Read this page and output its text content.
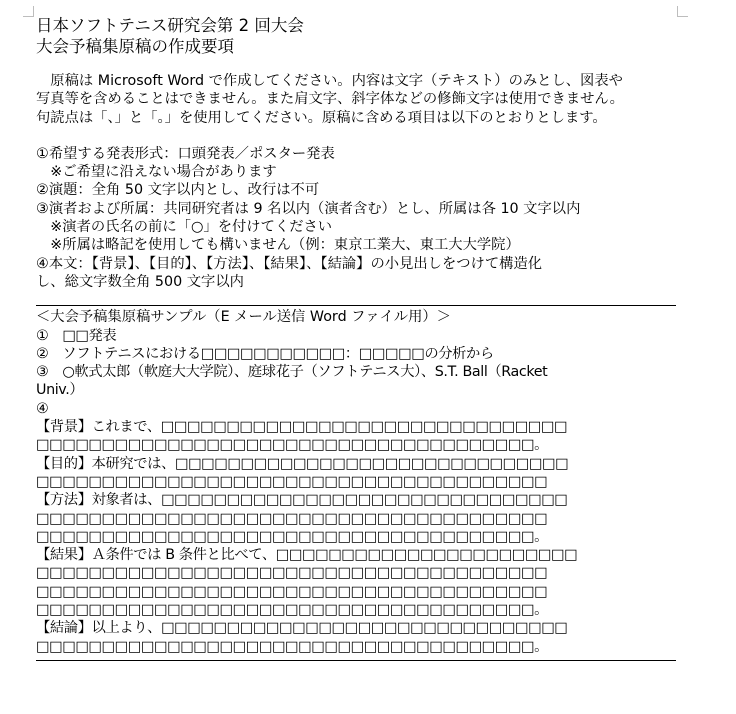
日本ソフトテニス研究会第 2 回大会
大会予稿集原稿の作成要項
　原稿は Microsoft Word で作成してください。内容は文字（テキスト）のみとし、図表や
写真等を含めることはできません。また肩文字、斜字体などの修飾文字は使用できません。
句読点は「、」と「。」を使用してください。原稿に含める項目は以下のとおりとします。
①希望する発表形式：口頭発表／ポスター発表
　※ご希望に沿えない場合があります
②演題：全角 50 文字以内とし、改行は不可
③演者および所属：共同研究者は 9 名以内（演者含む）とし、所属は各 10 文字以内
　※演者の氏名の前に「○」を付けてください
　※所属は略記を使用しても構いません（例：東京工業大、東工大大学院）
④本文：【背景】、【目的】、【方法】、【結果】、【結論】の小見出しをつけて構造化
し、総文字数全角 500 文字以内
＜大会予稿集原稿サンプル（E メール送信 Word ファイル用）＞
①　□□発表
②　ソフトテニスにおける□□□□□□□□□□□：□□□□□の分析から
③　○軟式太郎（軟庭大大学院）、庭球花子（ソフトテニス大）、S.T. Ball（Racket
Univ.）
④
【背景】これまで、□□□□□□□□□□□□□□□□□□□□□□□□□□□□□□□
□□□□□□□□□□□□□□□□□□□□□□□□□□□□□□□□□□□□□□。
【目的】本研究では、□□□□□□□□□□□□□□□□□□□□□□□□□□□□□□
□□□□□□□□□□□□□□□□□□□□□□□□□□□□□□□□□□□□□□□
【方法】対象者は、□□□□□□□□□□□□□□□□□□□□□□□□□□□□□□□
□□□□□□□□□□□□□□□□□□□□□□□□□□□□□□□□□□□□□□□
□□□□□□□□□□□□□□□□□□□□□□□□□□□□□□□□□□□□□□。
【結果】Ａ条件では B 条件と比べて、□□□□□□□□□□□□□□□□□□□□□□□
□□□□□□□□□□□□□□□□□□□□□□□□□□□□□□□□□□□□□□□
□□□□□□□□□□□□□□□□□□□□□□□□□□□□□□□□□□□□□□□
□□□□□□□□□□□□□□□□□□□□□□□□□□□□□□□□□□□□□□。
【結論】以上より、□□□□□□□□□□□□□□□□□□□□□□□□□□□□□□□
□□□□□□□□□□□□□□□□□□□□□□□□□□□□□□□□□□□□□□。
